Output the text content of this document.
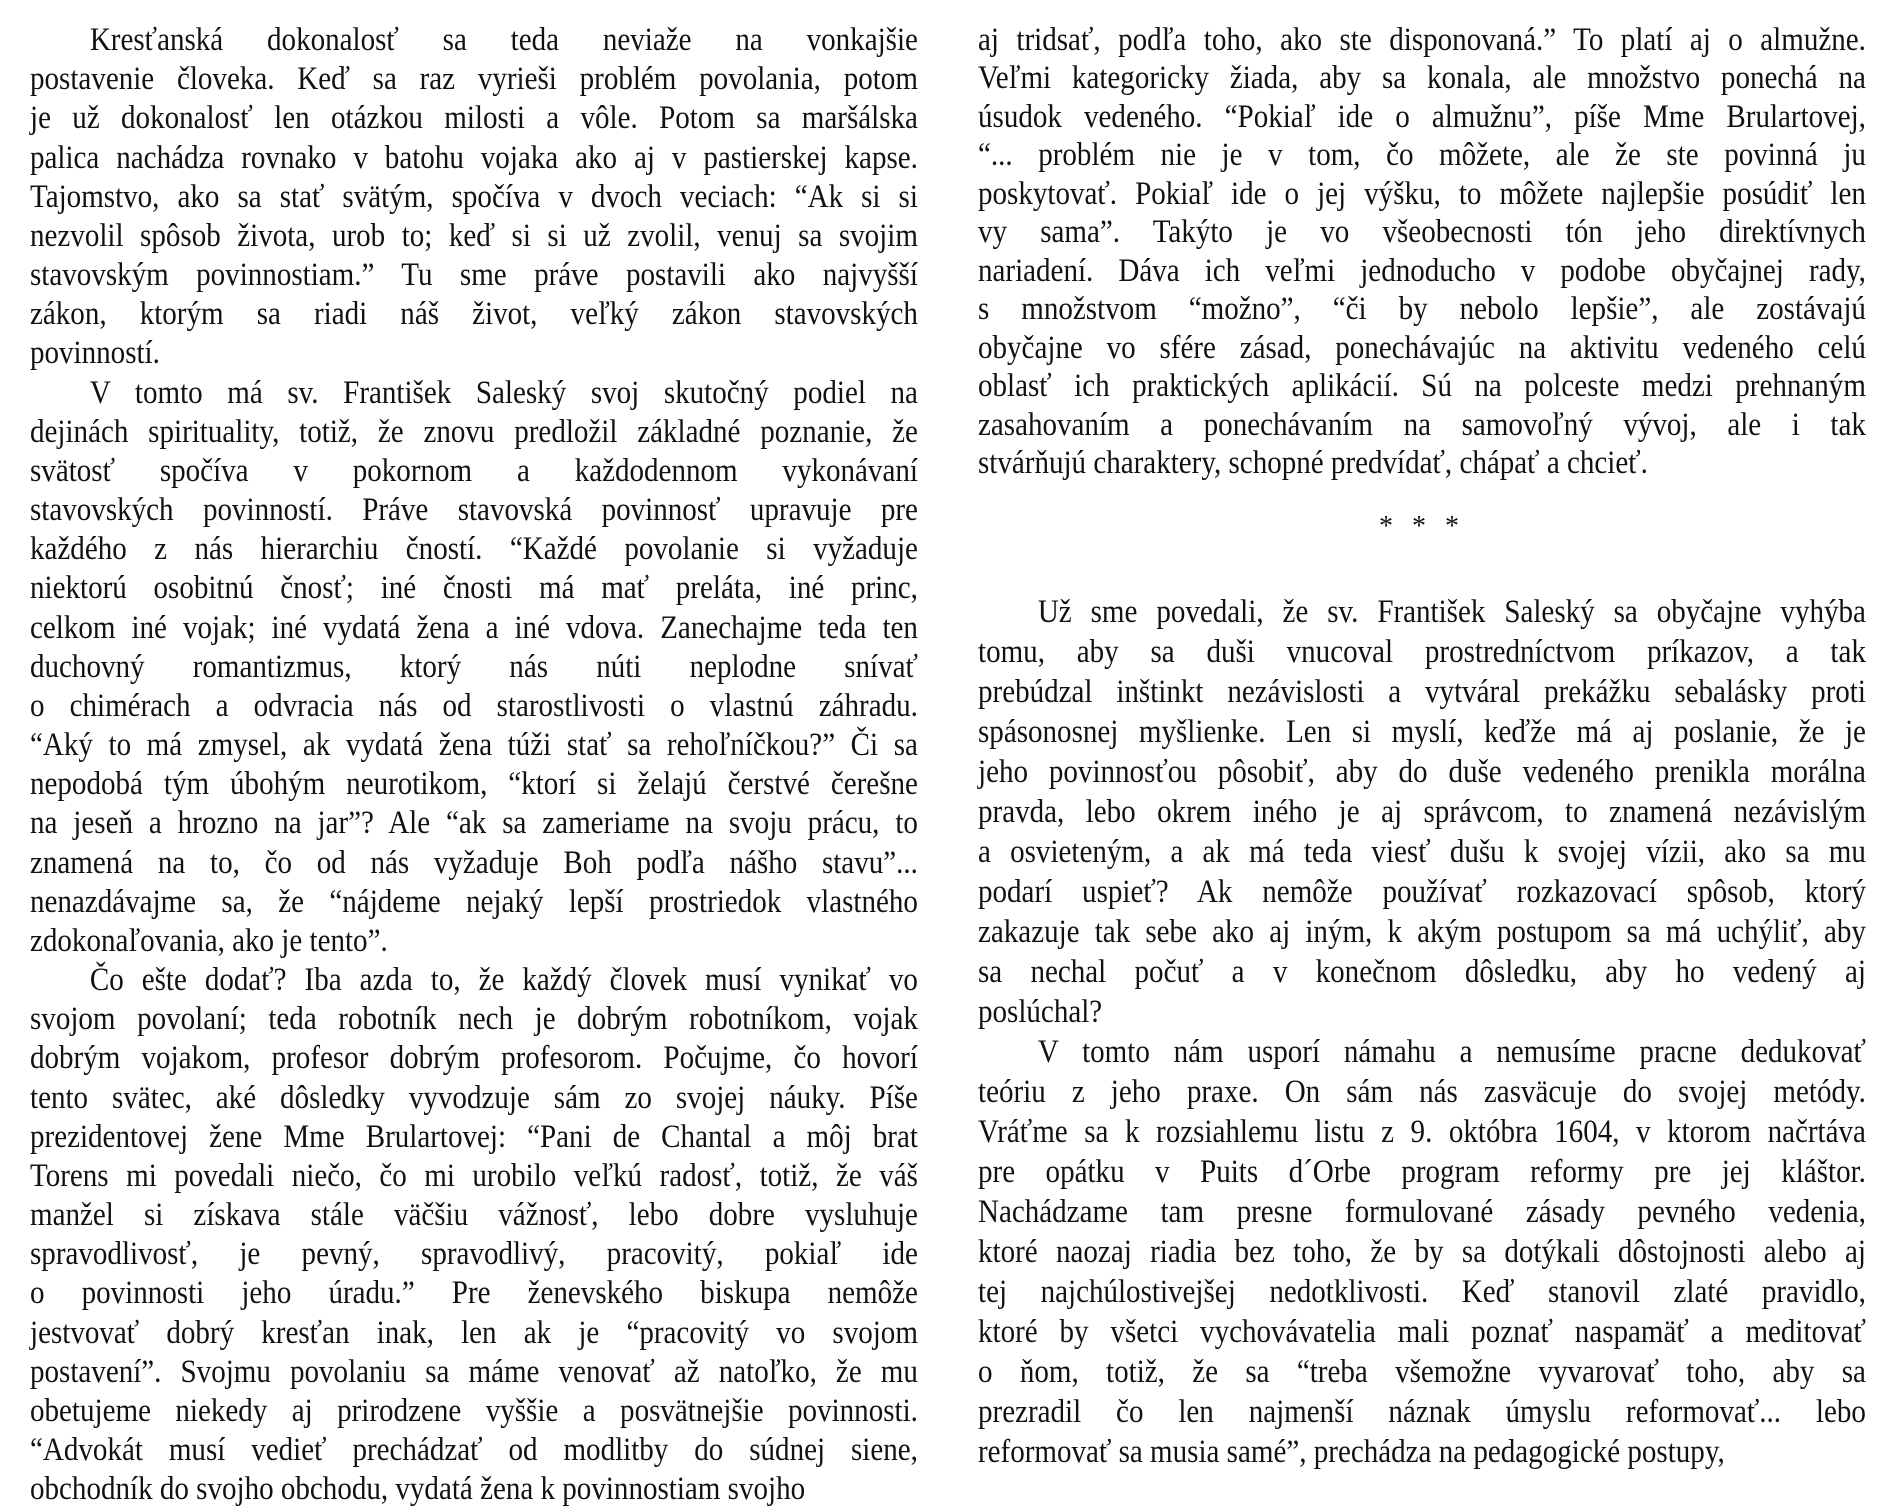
Kresťanská dokonalosť sa teda neviaže na vonkajšie
postavenie človeka. Keď sa raz vyrieši problém povolania, potom
je už dokonalosť len otázkou milosti a vôle. Potom sa maršálska
palica nachádza rovnako v batohu vojaka ako aj v pastierskej kapse.
Tajomstvo, ako sa stať svätým, spočíva v dvoch veciach: “Ak si si
nezvolil spôsob života, urob to; keď si si už zvolil, venuj sa svojim
stavovským povinnostiam.” Tu sme práve postavili ako najvyšší
zákon, ktorým sa riadi náš život, veľký zákon stavovských
povinností.
V tomto má sv. František Saleský svoj skutočný podiel na
dejinách spirituality, totiž, že znovu predložil základné poznanie, že
svätosť spočíva v pokornom a každodennom vykonávaní
stavovských povinností. Práve stavovská povinnosť upravuje pre
každého z nás hierarchiu čností. “Každé povolanie si vyžaduje
niektorú osobitnú čnosť; iné čnosti má mať preláta, iné princ,
celkom iné vojak; iné vydatá žena a iné vdova. Zanechajme teda ten
duchovný romantizmus, ktorý nás núti neplodne snívať
o chimérach a odvracia nás od starostlivosti o vlastnú záhradu.
“Aký to má zmysel, ak vydatá žena túži stať sa rehoľníčkou?” Či sa
nepodobá tým úbohým neurotikom, “ktorí si želajú čerstvé čerešne
na jeseň a hrozno na jar”? Ale “ak sa zameriame na svoju prácu, to
znamená na to, čo od nás vyžaduje Boh podľa nášho stavu”...
nenazdávajme sa, že “nájdeme nejaký lepší prostriedok vlastného
zdokonaľovania, ako je tento”.
Čo ešte dodať? Iba azda to, že každý človek musí vynikať vo
svojom povolaní; teda robotník nech je dobrým robotníkom, vojak
dobrým vojakom, profesor dobrým profesorom. Počujme, čo hovorí
tento svätec, aké dôsledky vyvodzuje sám zo svojej náuky. Píše
prezidentovej žene Mme Brulartovej: “Pani de Chantal a môj brat
Torens mi povedali niečo, čo mi urobilo veľkú radosť, totiž, že váš
manžel si získava stále väčšiu vážnosť, lebo dobre vysluhuje
spravodlivosť, je pevný, spravodlivý, pracovitý, pokiaľ ide
o povinnosti jeho úradu.” Pre ženevského biskupa nemôže
jestvovať dobrý kresťan inak, len ak je “pracovitý vo svojom
postavení”. Svojmu povolaniu sa máme venovať až natoľko, že mu
obetujeme niekedy aj prirodzene vyššie a posvätnejšie povinnosti.
“Advokát musí vedieť prechádzať od modlitby do súdnej siene,
obchodník do svojho obchodu, vydatá žena k povinnostiam svojho
* * *
aj tridsať, podľa toho, ako ste disponovaná.” To platí aj o almužne.
Veľmi kategoricky žiada, aby sa konala, ale množstvo ponechá na
úsudok vedeného. “Pokiaľ ide o almužnu”, píše Mme Brulartovej,
“... problém nie je v tom, čo môžete, ale že ste povinná ju
poskytovať. Pokiaľ ide o jej výšku, to môžete najlepšie posúdiť len
vy sama”. Takýto je vo všeobecnosti tón jeho direktívnych
nariadení. Dáva ich veľmi jednoducho v podobe obyčajnej rady,
s množstvom “možno”, “či by nebolo lepšie”, ale zostávajú
obyčajne vo sfére zásad, ponechávajúc na aktivitu vedeného celú
oblasť ich praktických aplikácií. Sú na polceste medzi prehnaným
zasahovaním a ponechávaním na samovoľný vývoj, ale i tak
stvárňujú charaktery, schopné predvídať, chápať a chcieť.
Už sme povedali, že sv. František Saleský sa obyčajne vyhýba
tomu, aby sa duši vnucoval prostredníctvom príkazov, a tak
prebúdzal inštinkt nezávislosti a vytváral prekážku sebalásky proti
spásonosnej myšlienke. Len si myslí, keďže má aj poslanie, že je
jeho povinnosťou pôsobiť, aby do duše vedeného prenikla morálna
pravda, lebo okrem iného je aj správcom, to znamená nezávislým
a osvieteným, a ak má teda viesť dušu k svojej vízii, ako sa mu
podarí uspieť? Ak nemôže používať rozkazovací spôsob, ktorý
zakazuje tak sebe ako aj iným, k akým postupom sa má uchýliť, aby
sa nechal počuť a v konečnom dôsledku, aby ho vedený aj
poslúchal?
V tomto nám usporí námahu a nemusíme pracne dedukovať
teóriu z jeho praxe. On sám nás zasväcuje do svojej metódy.
Vráťme sa k rozsiahlemu listu z 9. októbra 1604, v ktorom načrtáva
pre opátku v Puits d´Orbe program reformy pre jej kláštor.
Nachádzame tam presne formulované zásady pevného vedenia,
ktoré naozaj riadia bez toho, že by sa dotýkali dôstojnosti alebo aj
tej najchúlostivejšej nedotklivosti. Keď stanovil zlaté pravidlo,
ktoré by všetci vychovávatelia mali poznať naspamäť a meditovať
o ňom, totiž, že sa “treba všemožne vyvarovať toho, aby sa
prezradil čo len najmenší náznak úmyslu reformovať... lebo
reformovať sa musia samé”, prechádza na pedagogické postupy,
